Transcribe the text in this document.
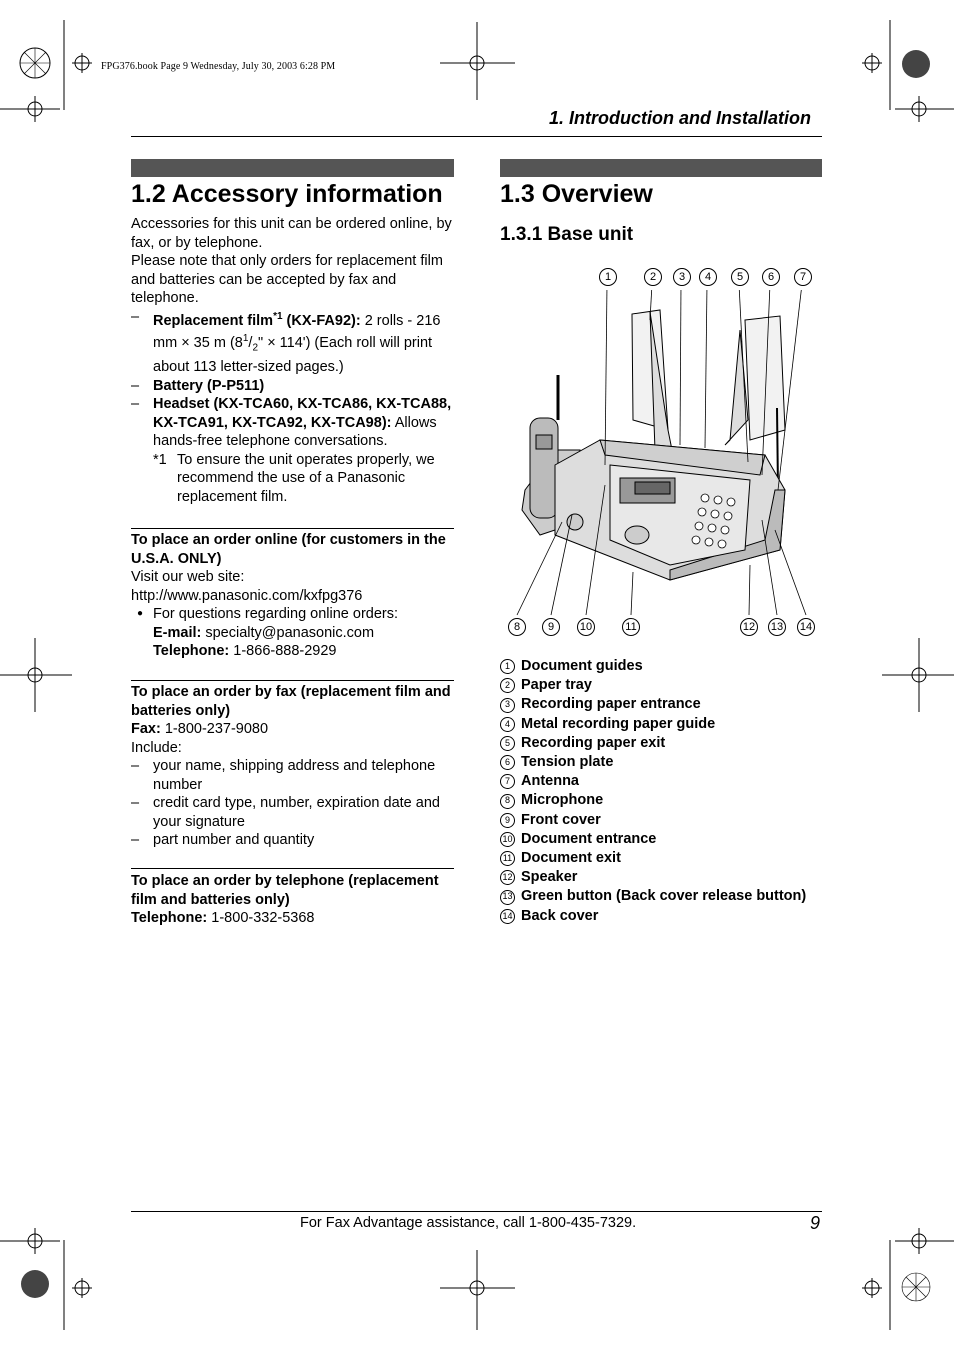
FPG376.book Page 9 Wednesday, July 30, 2003 6:28 PM
1. Introduction and Installation
1.2 Accessory information

Accessories for this unit can be ordered online, by fax, or by telephone.

Please note that only orders for replacement film and batteries can be accepted by fax and telephone.

– Replacement film$^{*1}$ (KX-FA92): 2 rolls - 216 mm × 35 m ($8^1/_2$" × 114') (Each roll will print about 113 letter-sized pages.)
– Battery (P-P511)
– Headset (KX-TCA60, KX-TCA86, KX-TCA88, KX-TCA91, KX-TCA92, KX-TCA98): Allows hands-free telephone conversations.
*1 To ensure the unit operates properly, we recommend the use of a Panasonic replacement film.

To place an order online (for customers in the U.S.A. ONLY)

Visit our web site:

http://www.panasonic.com/kxfpg376

● For questions regarding online orders:
E-mail: specialty@panasonic.com
Telephone: 1-866-888-2929

To place an order by fax (replacement film and batteries only)

Fax: 1-800-237-9080

Include:

– your name, shipping address and telephone number
– credit card type, number, expiration date and your signature
– part number and quantity

To place an order by telephone (replacement film and batteries only)

Telephone: 1-800-332-5368

1.3 Overview
1.3.1 Base unit
1	2	3	4	5	6	7
8	9	10	11	12 13 14
1 Document guides
2 Paper tray
3 Recording paper entrance
4 Metal recording paper guide
5 Recording paper exit
6 Tension plate
7 Antenna
8 Microphone
9 Front cover
10 Document entrance
11 Document exit
12 Speaker
13 Green button (Back cover release button)
14 Back cover
For Fax Advantage assistance, call 1-800-435-7329.	9
